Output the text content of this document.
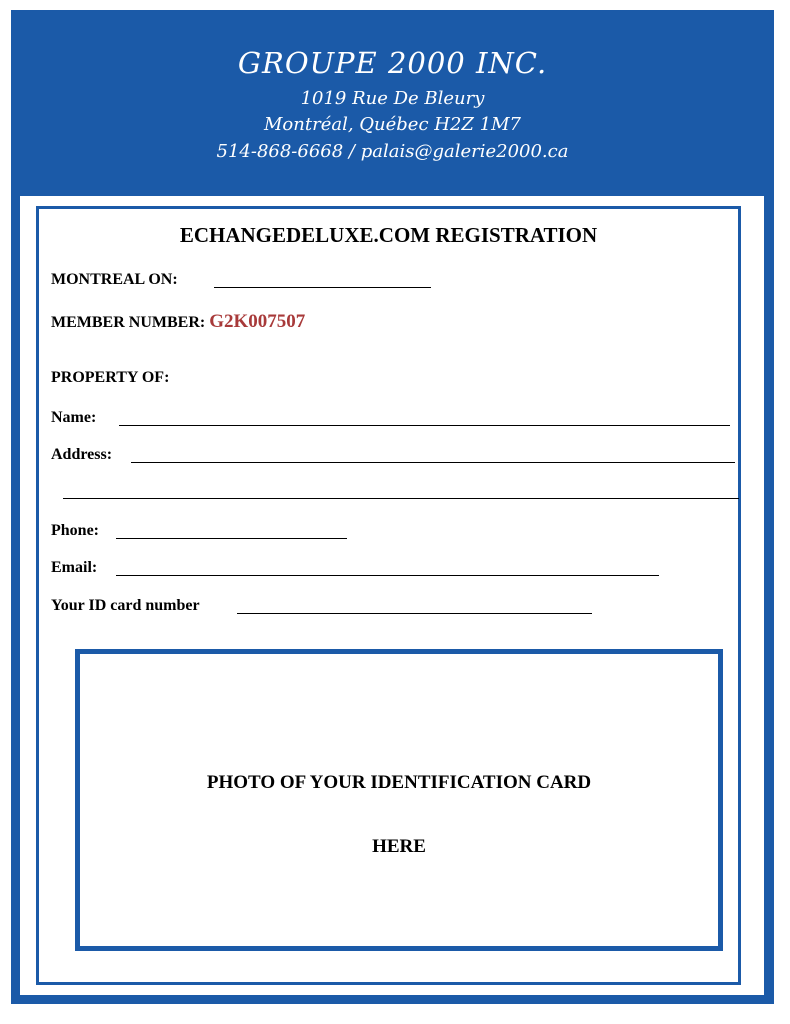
GROUPE 2000 INC.
1019 Rue De Bleury
Montréal, Québec H2Z 1M7
514-868-6668 / palais@galerie2000.ca
ECHANGEDELUXE.COM REGISTRATION
MONTREAL ON:
MEMBER NUMBER: G2K007507
PROPERTY OF:
Name:
Address:
Phone:
Email:
Your ID card number
PHOTO OF YOUR IDENTIFICATION CARD
HERE
